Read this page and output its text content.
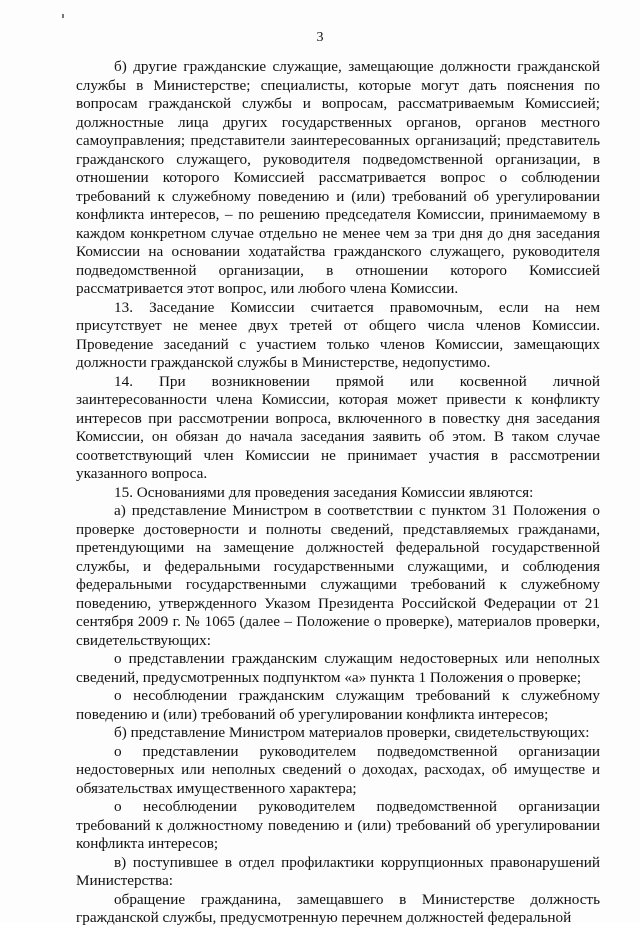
3

б) другие гражданские служащие, замещающие должности гражданской службы в Министерстве; специалисты, которые могут дать пояснения по вопросам гражданской службы и вопросам, рассматриваемым Комиссией; должностные лица других государственных органов, органов местного самоуправления; представители заинтересованных организаций; представитель гражданского служащего, руководителя подведомственной организации, в отношении которого Комиссией рассматривается вопрос о соблюдении требований к служебному поведению и (или) требований об урегулировании конфликта интересов, – по решению председателя Комиссии, принимаемому в каждом конкретном случае отдельно не менее чем за три дня до дня заседания Комиссии на основании ходатайства гражданского служащего, руководителя подведомственной организации, в отношении которого Комиссией рассматривается этот вопрос, или любого члена Комиссии.

13. Заседание Комиссии считается правомочным, если на нем присутствует не менее двух третей от общего числа членов Комиссии. Проведение заседаний с участием только членов Комиссии, замещающих должности гражданской службы в Министерстве, недопустимо.

14. При возникновении прямой или косвенной личной заинтересованности члена Комиссии, которая может привести к конфликту интересов при рассмотрении вопроса, включенного в повестку дня заседания Комиссии, он обязан до начала заседания заявить об этом. В таком случае соответствующий член Комиссии не принимает участия в рассмотрении указанного вопроса.

15. Основаниями для проведения заседания Комиссии являются:

а) представление Министром в соответствии с пунктом 31 Положения о проверке достоверности и полноты сведений, представляемых гражданами, претендующими на замещение должностей федеральной государственной службы, и федеральными государственными служащими, и соблюдения федеральными государственными служащими требований к служебному поведению, утвержденного Указом Президента Российской Федерации от 21 сентября 2009 г. № 1065 (далее – Положение о проверке), материалов проверки, свидетельствующих:

о представлении гражданским служащим недостоверных или неполных сведений, предусмотренных подпунктом «а» пункта 1 Положения о проверке;

о несоблюдении гражданским служащим требований к служебному поведению и (или) требований об урегулировании конфликта интересов;

б) представление Министром материалов проверки, свидетельствующих:

о представлении руководителем подведомственной организации недостоверных или неполных сведений о доходах, расходах, об имуществе и обязательствах имущественного характера;

о несоблюдении руководителем подведомственной организации требований к должностному поведению и (или) требований об урегулировании конфликта интересов;

в) поступившее в отдел профилактики коррупционных правонарушений Министерства:

обращение гражданина, замещавшего в Министерстве должность гражданской службы, предусмотренную перечнем должностей федеральной
